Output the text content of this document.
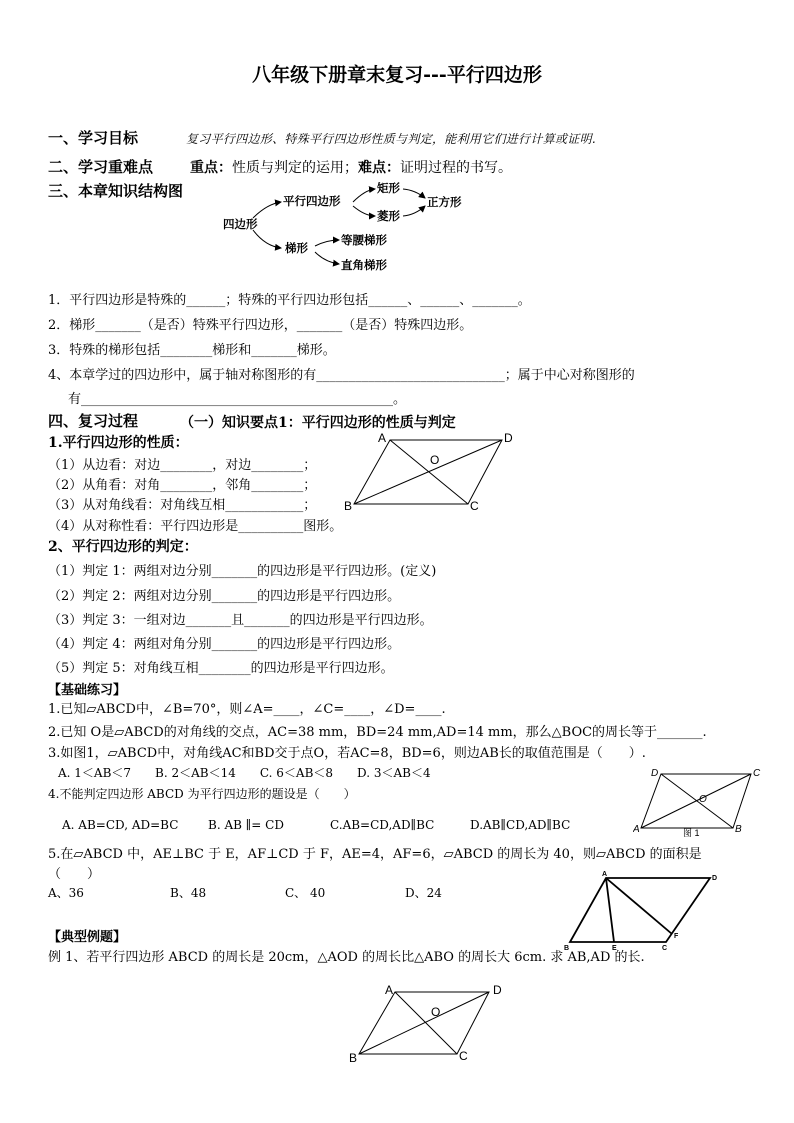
八年级下册章末复习---平行四边形
一、学习目标	复习平行四边形、特殊平行四边形性质与判定，能利用它们进行计算或证明.
二、学习重难点	重点：性质与判定的运用；难点：证明过程的书写。
三、本章知识结构图
四边形
平行四边形
矩形
菱形
正方形
梯形
等腰梯形
直角梯形
1．平行四边形是特殊的______；特殊的平行四边形包括______、______、_______。
2．梯形_______（是否）特殊平行四边形，_______（是否）特殊四边形。
3．特殊的梯形包括________梯形和_______梯形。
4、本章学过的四边形中，属于轴对称图形的有_____________________________；属于中心对称图形的
有________________________________________________。
四、复习过程	（一）知识要点1：平行四边形的性质与判定
1.平行四边形的性质：
（1）从边看：对边________，对边________；
（2）从角看：对角________，邻角________；
（3）从对角线看：对角线互相____________；
（4）从对称性看：平行四边形是__________图形。
A	D
B	C
O
2、平行四边形的判定：
（1）判定 1：两组对边分别_______的四边形是平行四边形。(定义)
（2）判定 2：两组对边分别_______的四边形是平行四边形。
（3）判定 3：一组对边_______且_______的四边形是平行四边形。
（4）判定 4：两组对角分别_______的四边形是平行四边形。
（5）判定 5：对角线互相________的四边形是平行四边形。
【基础练习】
1.已知▱ABCD中，∠B=70°，则∠A=____，∠C=____，∠D=____.
2.已知 O是▱ABCD的对角线的交点，AC=38 mm，BD=24 mm,AD=14 mm，那么△BOC的周长等于_______.
3.如图1，▱ABCD中，对角线AC和BD交于点O，若AC=8，BD=6，则边AB长的取值范围是（　　）.
A. 1＜AB＜7　　B. 2＜AB＜14　　C. 6＜AB＜8　　D. 3＜AB＜4
4.不能判定四边形 ABCD 为平行四边形的题设是（　　）
A. AB=CD, AD=BC B. AB ∥= CD	C.AB=CD,AD∥BC	D.AB∥CD,AD∥BC
D	C
A	B
O
图 1
5.在▱ABCD 中，AE⊥BC 于 E，AF⊥CD 于 F，AE=4，AF=6，▱ABCD 的周长为 40，则▱ABCD 的面积是
（　　）
A、36	B、48	C、 40	D、24
A
D
B	E	C
F
【典型例题】
例 1、若平行四边形 ABCD 的周长是 20cm，△AOD 的周长比△ABO 的周长大 6cm. 求 AB,AD 的长.
A	D
B	C
O
